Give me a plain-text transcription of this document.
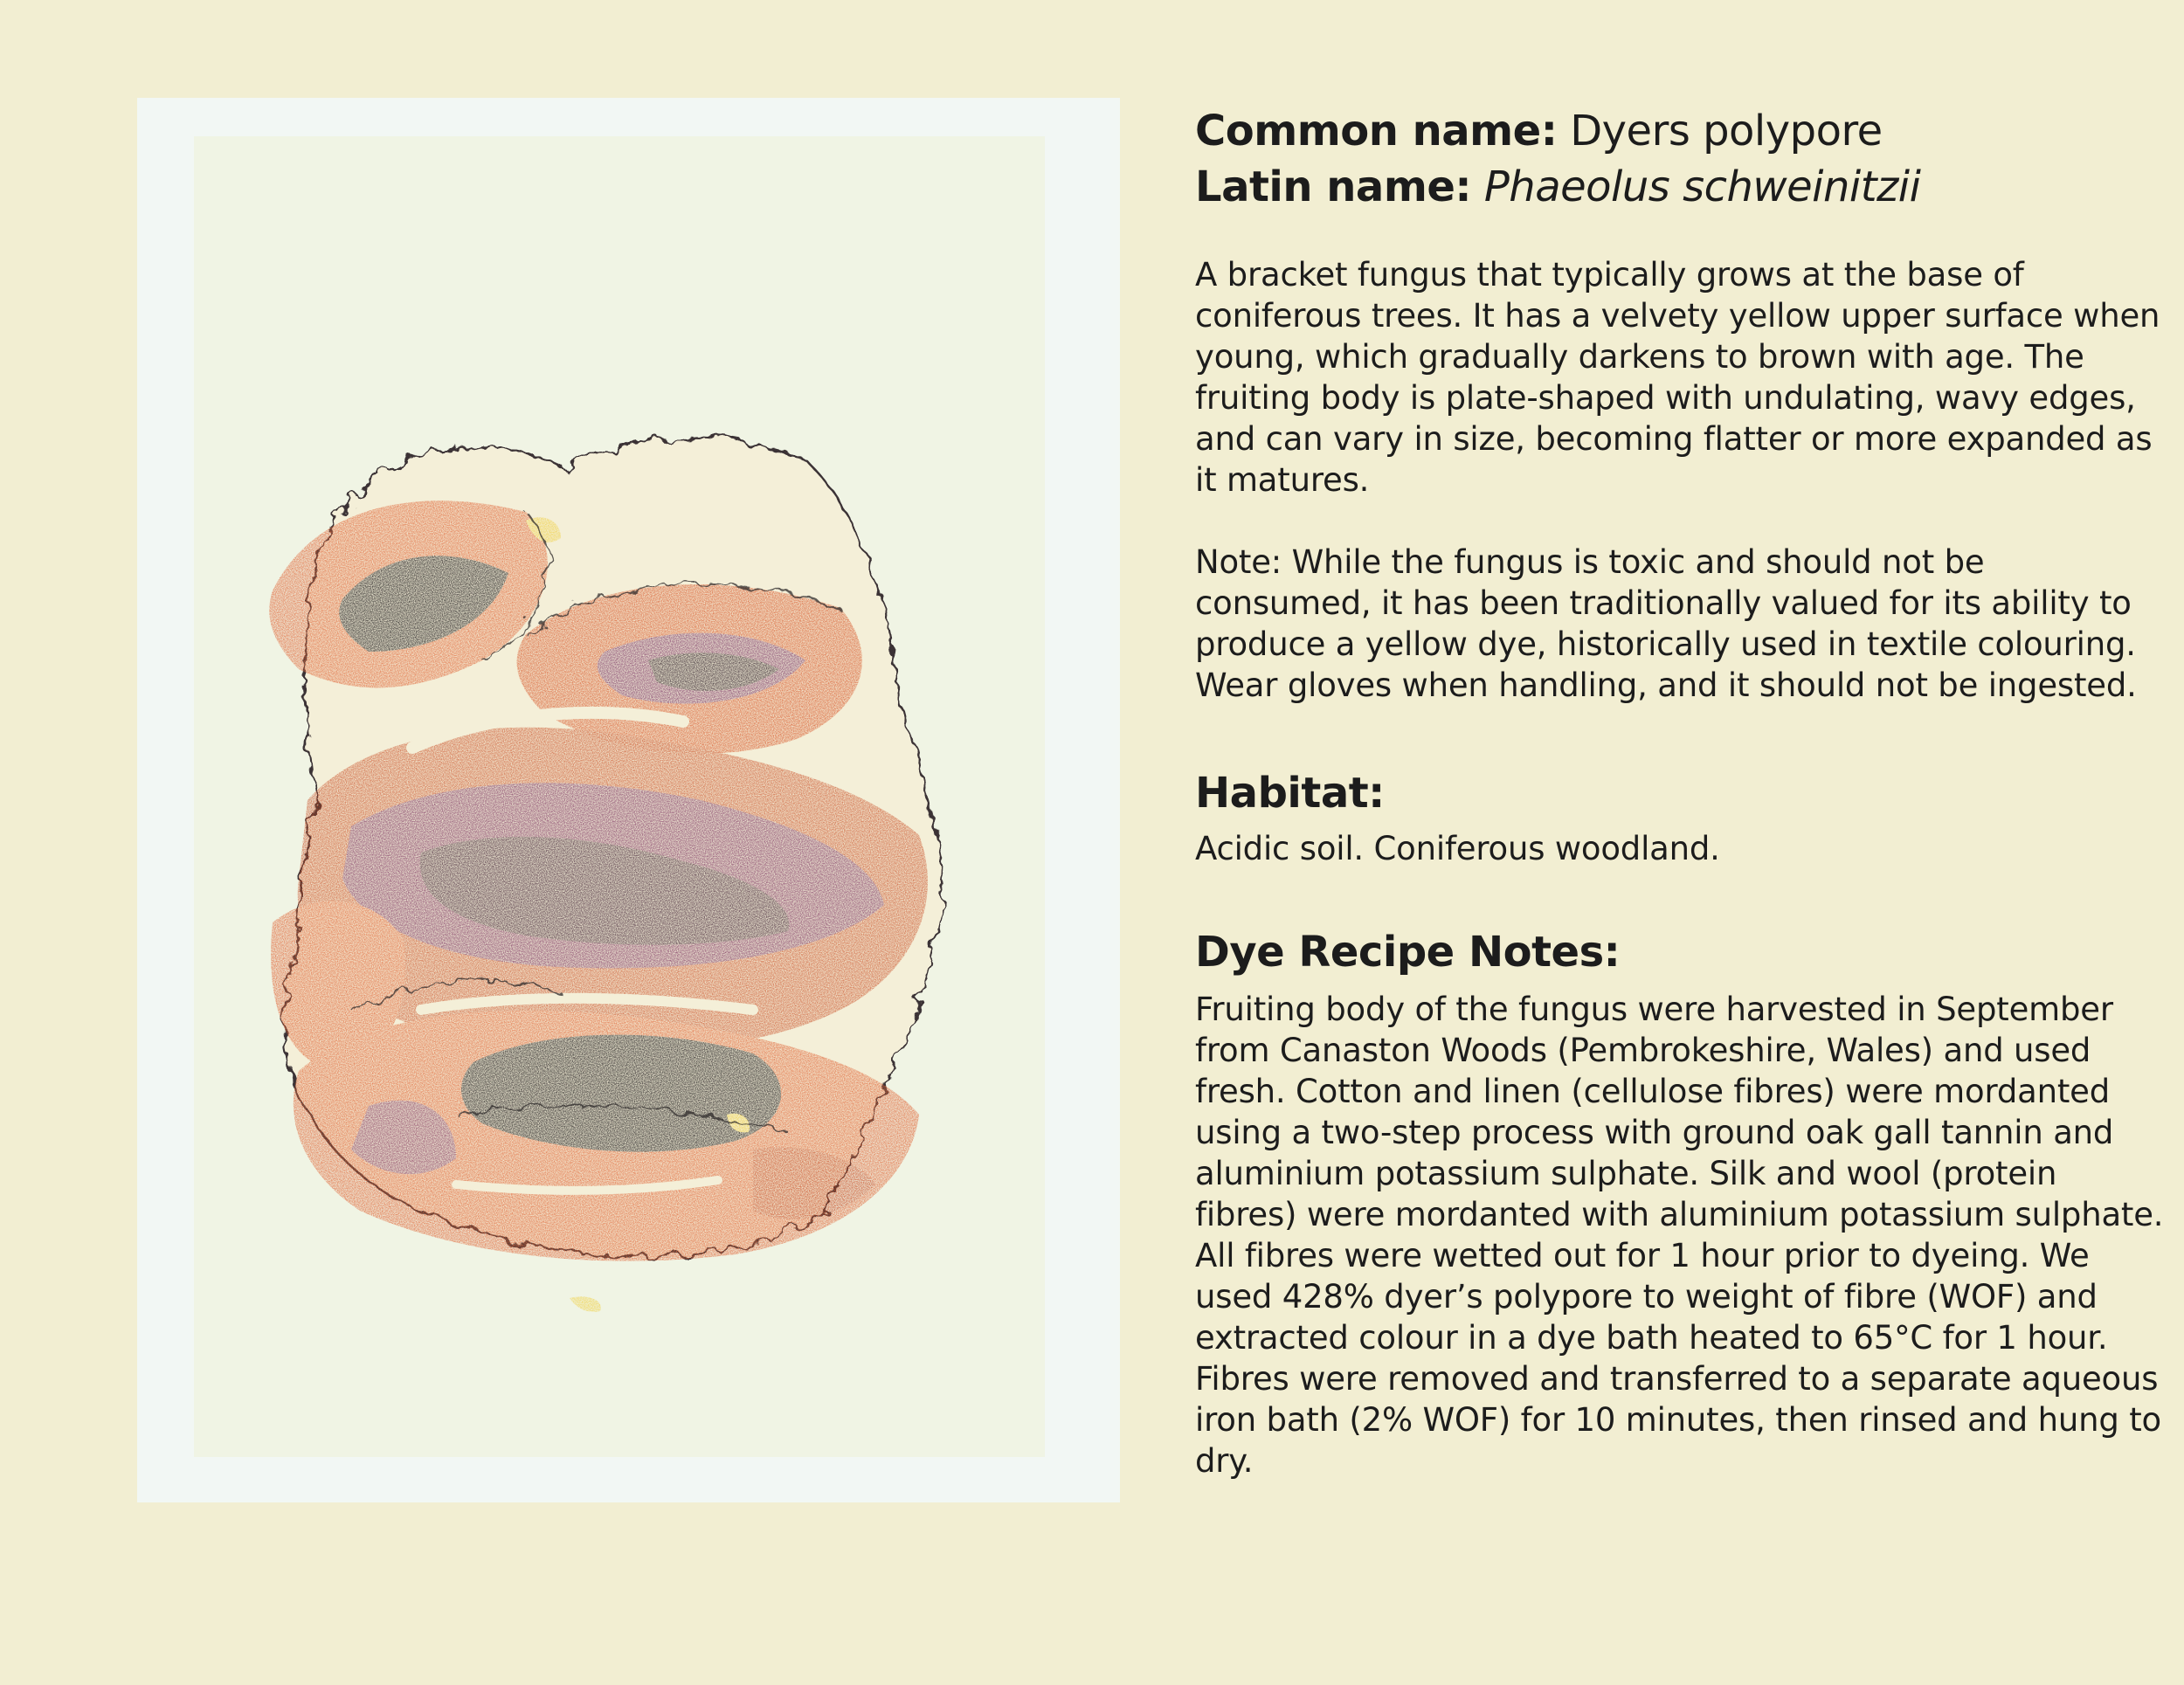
Common name: Dyers polypore

Latin name: Phaeolus schweinitzii

A bracket fungus that typically grows at the base of coniferous trees. It has a velvety yellow upper surface when young, which gradually darkens to brown with age. The fruiting body is plate-shaped with undulating, wavy edges, and can vary in size, becoming flatter or more expanded as it matures.

Note: While the fungus is toxic and should not be consumed, it has been traditionally valued for its ability to produce a yellow dye, historically used in textile colouring. Wear gloves when handling, and it should not be ingested.

Habitat:

Acidic soil. Coniferous woodland.

Dye Recipe Notes:

Fruiting body of the fungus were harvested in September from Canaston Woods (Pembrokeshire, Wales) and used fresh. Cotton and linen (cellulose fibres) were mordanted using a two-step process with ground oak gall tannin and aluminium potassium sulphate. Silk and wool (protein fibres) were mordanted with aluminium potassium sulphate. All fibres were wetted out for 1 hour prior to dyeing. We used 428% dyer’s polypore to weight of fibre (WOF) and extracted colour in a dye bath heated to 65°C for 1 hour. Fibres were removed and transferred to a separate aqueous iron bath (2% WOF) for 10 minutes, then rinsed and hung to dry.
